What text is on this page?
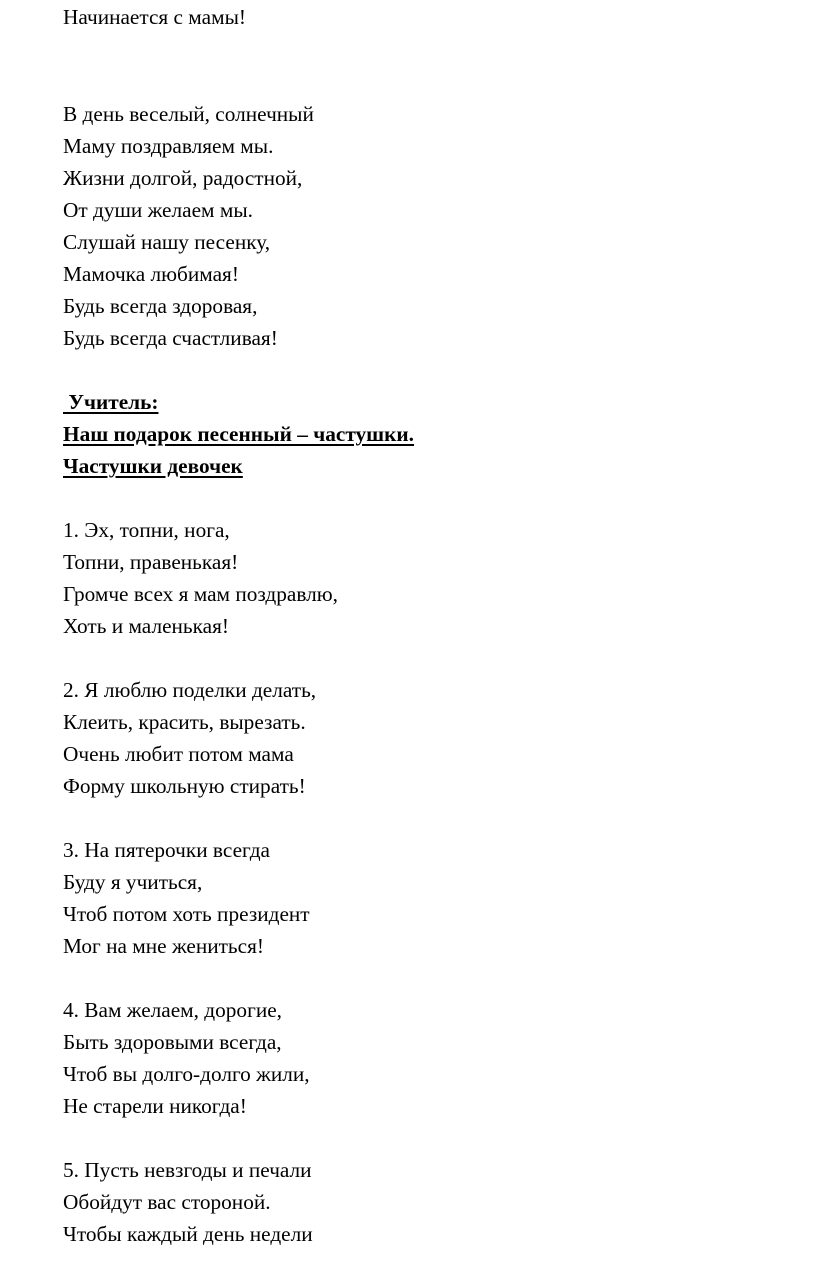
Начинается с мамы!
В день веселый, солнечный
Маму поздравляем мы.
Жизни долгой, радостной,
От души желаем мы.
Слушай нашу песенку,
Мамочка любимая!
Будь всегда здоровая,
Будь всегда счастливая!
Учитель:
Наш подарок песенный – частушки.
Частушки девочек
1. Эх, топни, нога,
Топни, правенькая!
Громче всех я мам поздравлю,
Хоть и маленькая!
2. Я люблю поделки делать,
Клеить, красить, вырезать.
Очень любит потом мама
Форму школьную стирать!
3. На пятерочки всегда
Буду я учиться,
Чтоб потом хоть президент
Мог на мне жениться!
4. Вам желаем, дорогие,
Быть здоровыми всегда,
Чтоб вы долго-долго жили,
Не старели никогда!
5. Пусть невзгоды и печали
Обойдут вас стороной.
Чтобы каждый день недели
